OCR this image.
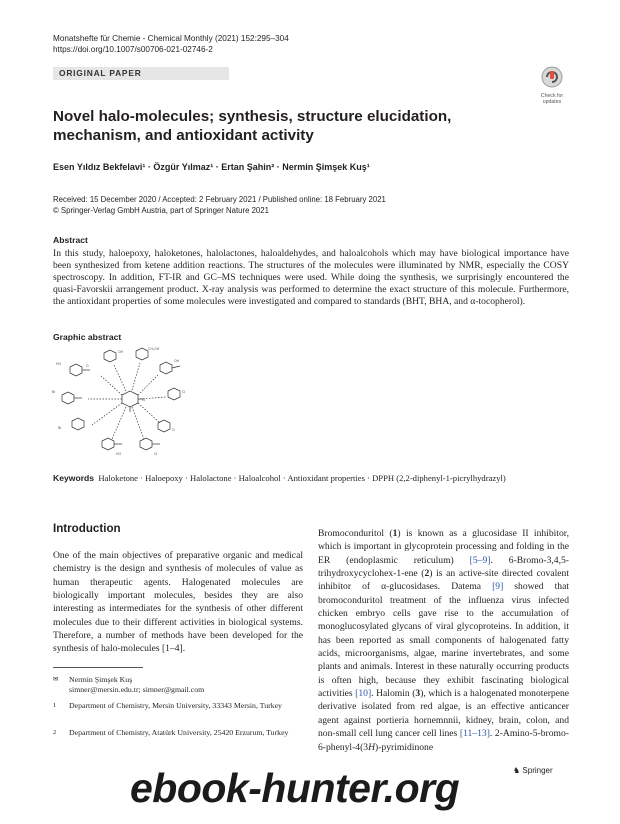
Monatshefte für Chemie - Chemical Monthly (2021) 152:295–304
https://doi.org/10.1007/s00706-021-02746-2
ORIGINAL PAPER
Check for
updates
Novel halo-molecules; synthesis, structure elucidation, mechanism, and antioxidant activity
Esen Yıldız Bekfelavi¹ · Özgür Yılmaz¹ · Ertan Şahin² · Nermin Şimşek Kuş¹
Received: 15 December 2020 / Accepted: 2 February 2021 / Published online: 18 February 2021
© Springer-Verlag GmbH Austria, part of Springer Nature 2021
Abstract
In this study, haloepoxy, haloketones, halolactones, haloaldehydes, and haloalcohols which may have biological importance have been synthesized from ketene addition reactions. The structures of the molecules were illuminated by NMR, especially the COSY spectroscopy. In addition, FT-IR and GC–MS techniques were used. While doing the synthesis, we surprisingly encountered the quasi-Favorskii arrangement product. X-ray analysis was performed to determine the exact structure of this molecule. Furthermore, the antioxidant properties of some molecules were investigated and compared to standards (BHT, BHA, and α-tocopherol).
Graphic abstract
HO	O
OH
CH₂OH
OH
Cl
O
Cl
HO
Br
Br
Cl
Keywords Haloketone · Haloepoxy · Halolactone · Haloalcohol · Antioxidant properties · DPPH (2,2-diphenyl-1-picrylhydrazyl)
Introduction
One of the main objectives of preparative organic and medical chemistry is the design and synthesis of molecules of value as human therapeutic agents. Halogenated molecules are biologically important molecules, besides they are also interesting as intermediates for the synthesis of other different molecules due to their different activities in biological systems. Therefore, a number of methods have been developed for the synthesis of halo-molecules [1–4].
Bromoconduritol (1) is known as a glucosidase II inhibitor, which is important in glycoprotein processing and folding in the ER (endoplasmic reticulum) [5–9]. 6-Bromo-3,4,5-trihydroxycyclohex-1-ene (2) is an active-site directed covalent inhibitor of α-glucosidases. Datema [9] showed that bromoconduritol treatment of the influenza virus infected chicken embryo cells gave rise to the accumulation of monoglucosylated glycans of viral glycoproteins. In addition, it has been reported as small components of halogenated fatty acids, microorganisms, algae, marine invertebrates, and some plants and animals. Interest in these naturally occurring products is often high, because they exhibit fascinating biological activities [10]. Halomin (3), which is a halogenated monoterpene derivative isolated from red algae, is an effective anticancer agent against portieria hornemnnii, kidney, brain, colon, and non-small cell lung cancer cell lines [11–13]. 2-Amino-5-bromo-6-phenyl-4(3H)-pyrimidinone
✉ Nermin Şimşek Kuş
simner@mersin.edu.tr; simner@gmail.com
1 Department of Chemistry, Mersin University, 33343 Mersin, Turkey
2 Department of Chemistry, Atatürk University, 25420 Erzurum, Turkey
ebook-hunter.org	♞ Springer
